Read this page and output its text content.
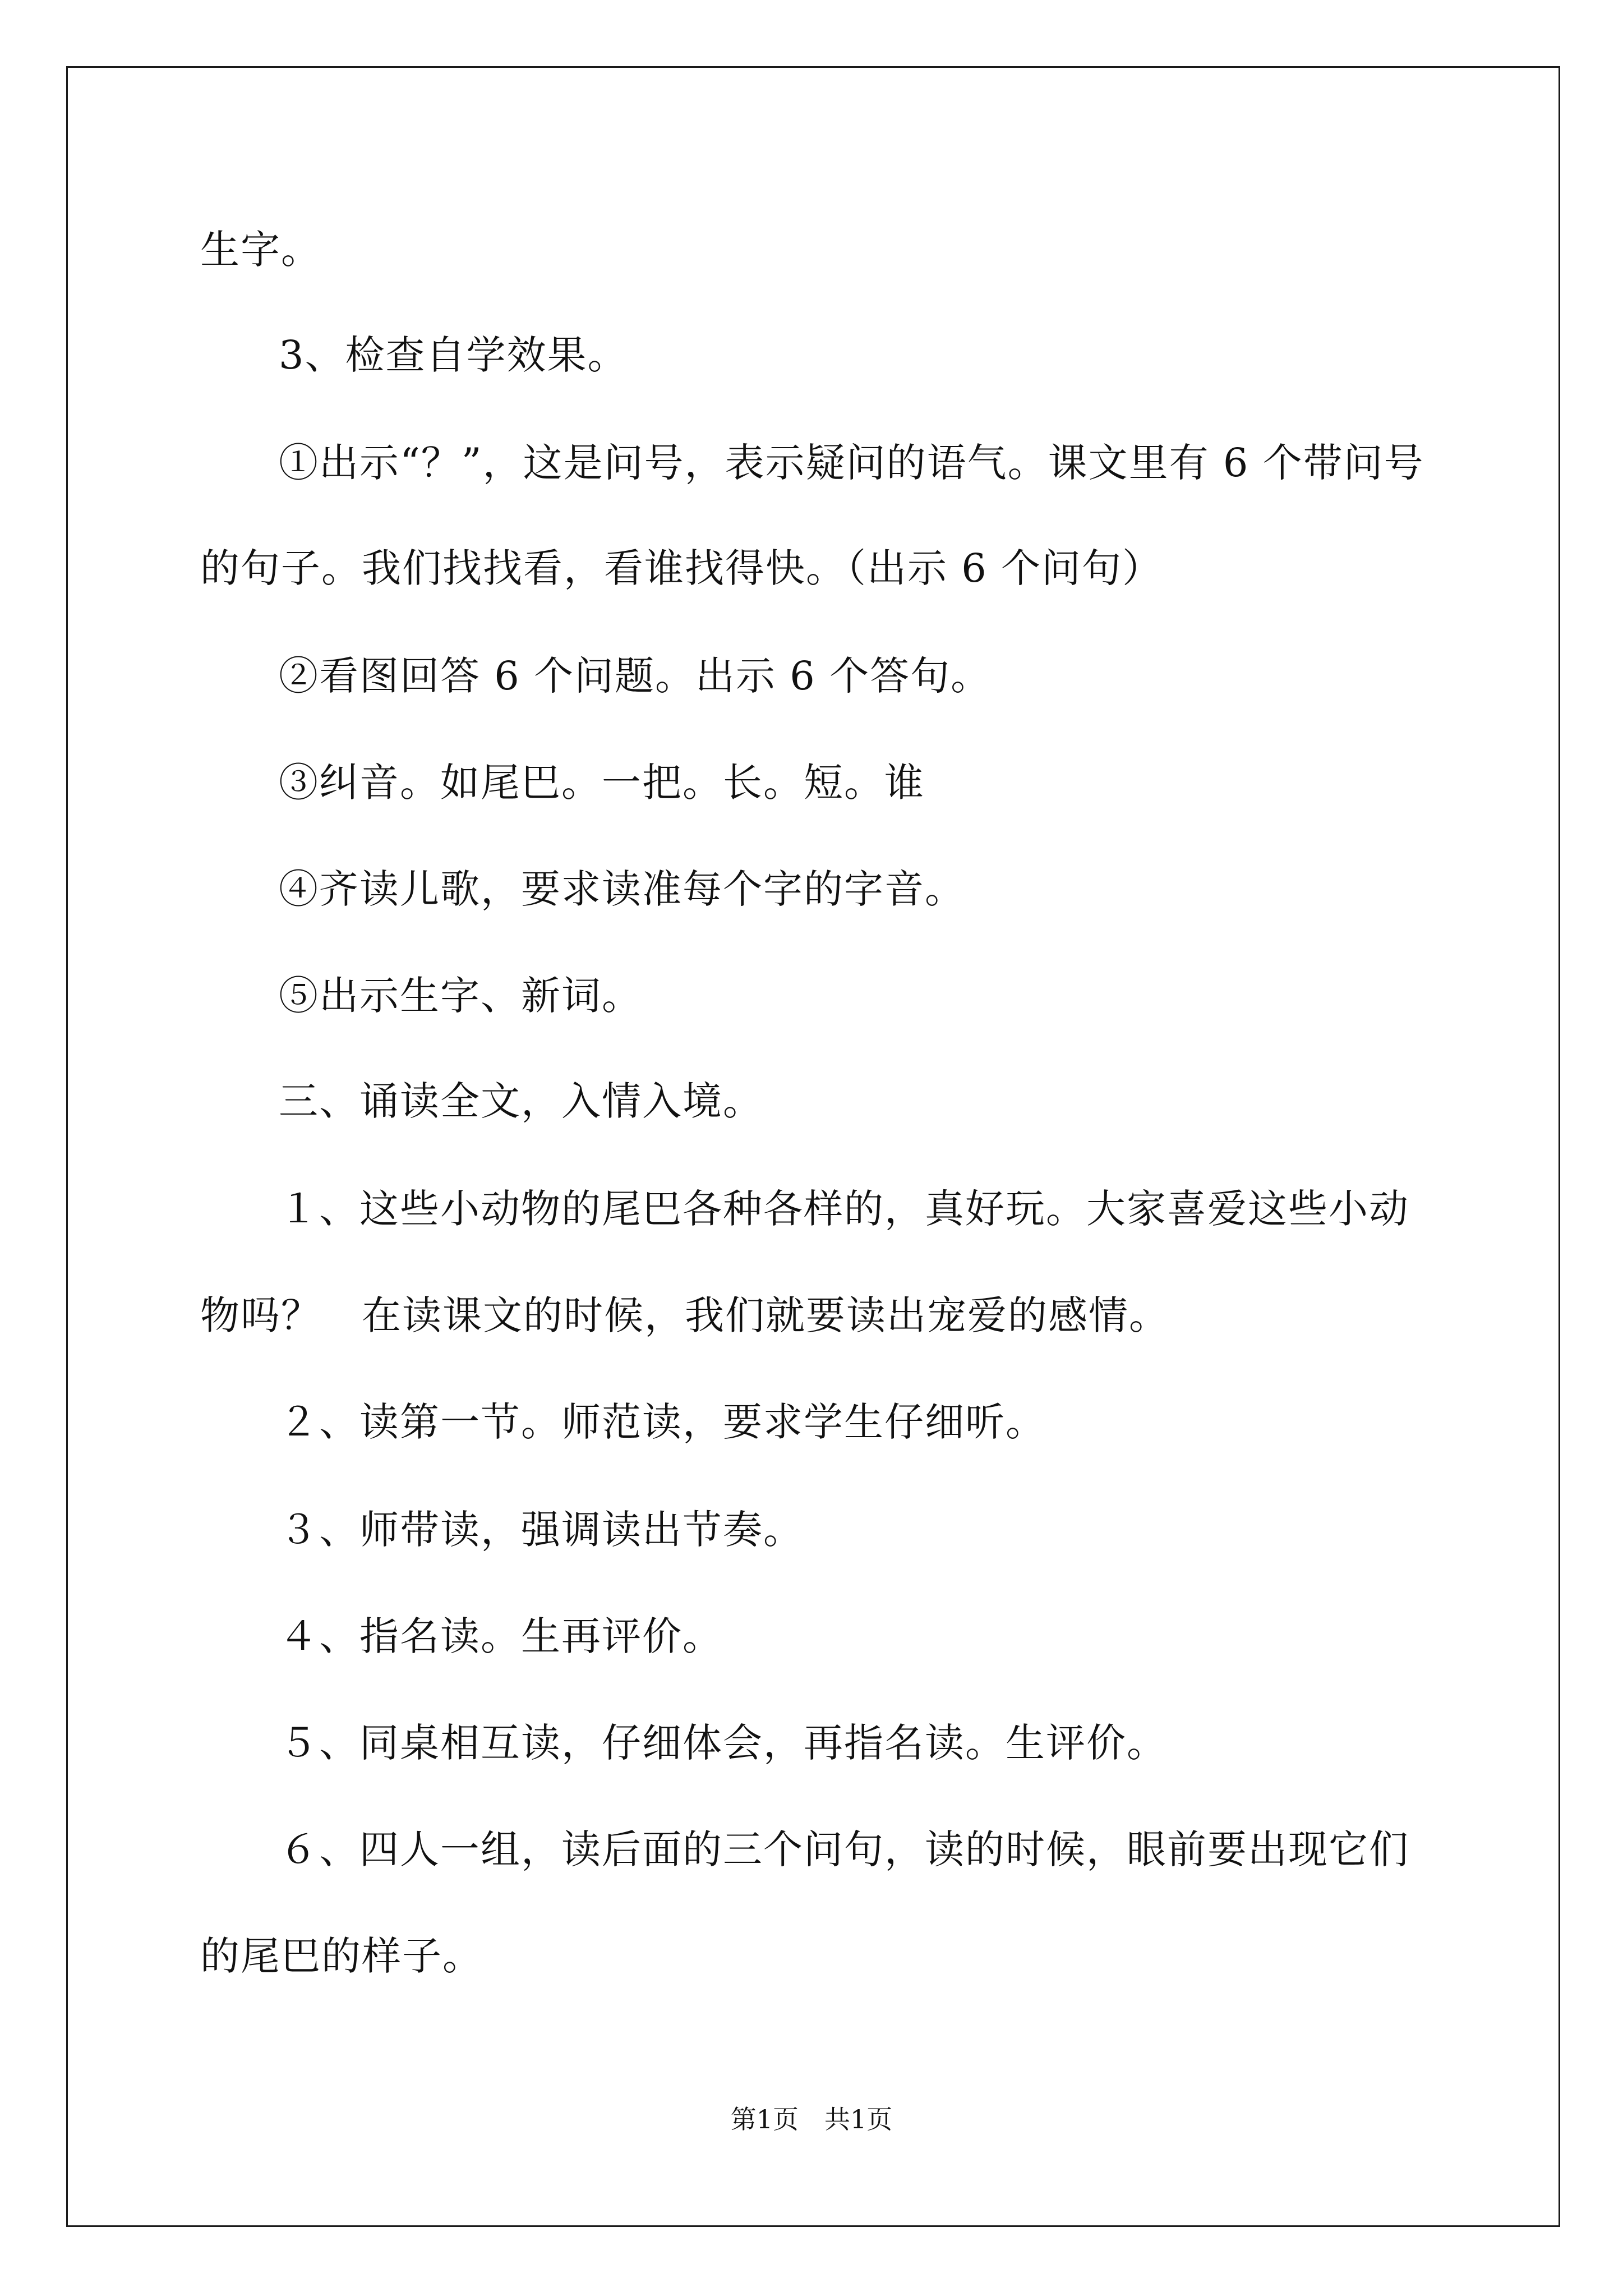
生字。
3、检查自学效果。
①出示“？”，这是问号，表示疑问的语气。课文里有 6 个带问号
的句子。我们找找看，看谁找得快。（出示 6 个问句）
②看图回答 6 个问题。出示 6 个答句。
③纠音。如尾巴。一把。长。短。谁
④齐读儿歌，要求读准每个字的字音。
⑤出示生字、新词。
三、诵读全文，入情入境。
１、这些小动物的尾巴各种各样的，真好玩。大家喜爱这些小动
物吗？　在读课文的时候，我们就要读出宠爱的感情。
２、读第一节。师范读，要求学生仔细听。
３、师带读，强调读出节奏。
４、指名读。生再评价。
５、同桌相互读，仔细体会，再指名读。生评价。
６、四人一组，读后面的三个问句，读的时候，眼前要出现它们
的尾巴的样子。
第1页　共1页
